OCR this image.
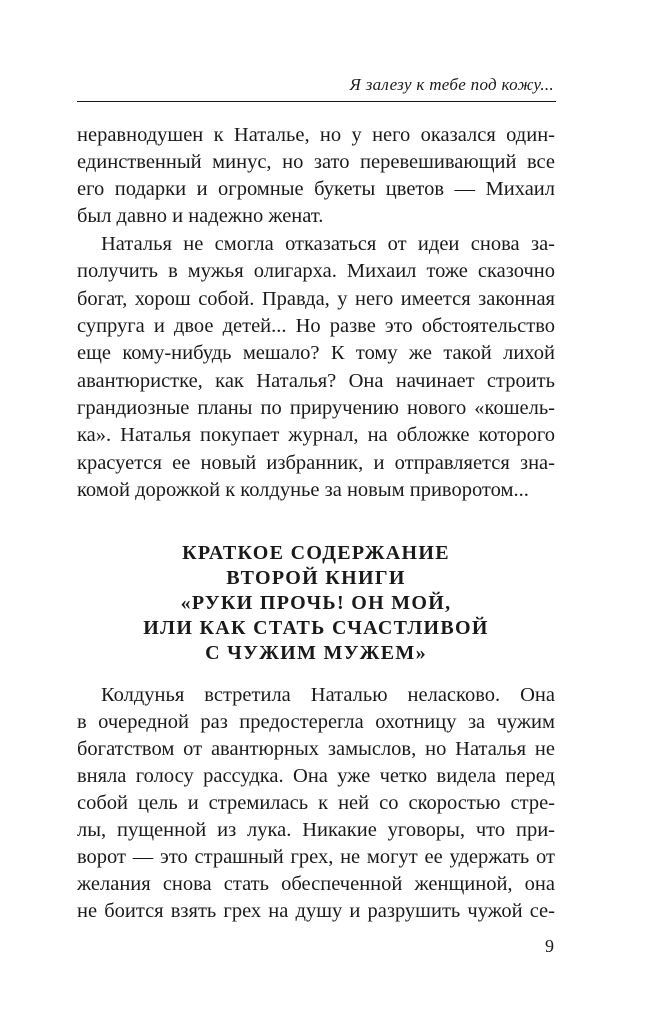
Я залезу к тебе под кожу...
неравнодушен к Наталье, но у него оказался один-
единственный минус, но зато перевешивающий все
его подарки и огромные букеты цветов — Михаил
был давно и надежно женат.
Наталья не смогла отказаться от идеи снова за-
получить в мужья олигарха. Михаил тоже сказочно
богат, хорош собой. Правда, у него имеется законная
супруга и двое детей... Но разве это обстоятельство
еще кому-нибудь мешало? К тому же такой лихой
авантюристке, как Наталья? Она начинает строить
грандиозные планы по приручению нового «кошель-
ка». Наталья покупает журнал, на обложке которого
красуется ее новый избранник, и отправляется зна-
комой дорожкой к колдунье за новым приворотом...
КРАТКОЕ СОДЕРЖАНИЕ
ВТОРОЙ КНИГИ
«РУКИ ПРОЧЬ! ОН МОЙ,
ИЛИ КАК СТАТЬ СЧАСТЛИВОЙ
С ЧУЖИМ МУЖЕМ»
Колдунья встретила Наталью неласково. Она
в очередной раз предостерегла охотницу за чужим
богатством от авантюрных замыслов, но Наталья не
вняла голосу рассудка. Она уже четко видела перед
собой цель и стремилась к ней со скоростью стре-
лы, пущенной из лука. Никакие уговоры, что при-
ворот — это страшный грех, не могут ее удержать от
желания снова стать обеспеченной женщиной, она
не боится взять грех на душу и разрушить чужой се-
9
